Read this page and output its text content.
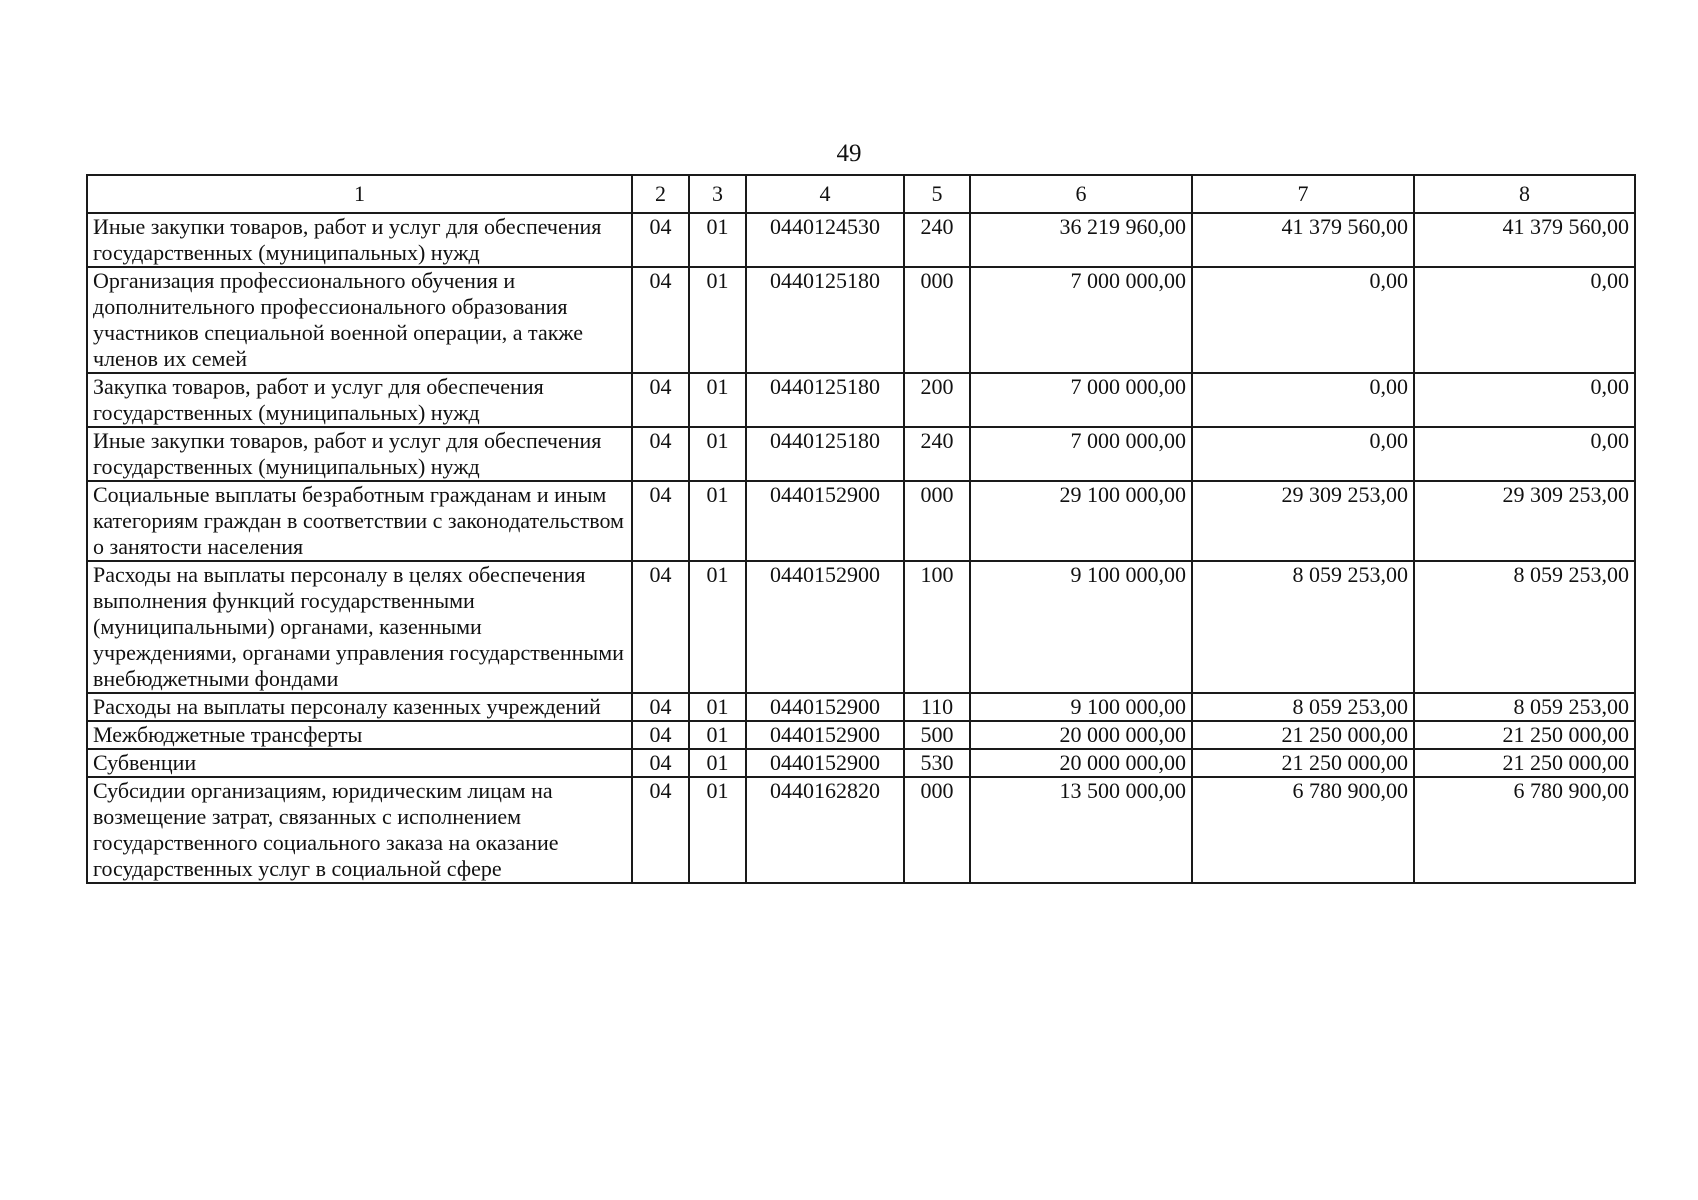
49
1	2	3	4	5	6	7	8
Иные закупки товаров, работ и услуг для обеспечения государственных (муниципальных) нужд	04	01	0440124530	240	36 219 960,00	41 379 560,00	41 379 560,00
Организация профессионального обучения и дополнительного профессионального образования участников специальной военной операции, а также членов их семей	04	01	0440125180	000	7 000 000,00	0,00	0,00
Закупка товаров, работ и услуг для обеспечения государственных (муниципальных) нужд	04	01	0440125180	200	7 000 000,00	0,00	0,00
Иные закупки товаров, работ и услуг для обеспечения государственных (муниципальных) нужд	04	01	0440125180	240	7 000 000,00	0,00	0,00
Социальные выплаты безработным гражданам и иным категориям граждан в соответствии с законодательством о занятости населения	04	01	0440152900	000	29 100 000,00	29 309 253,00	29 309 253,00
Расходы на выплаты персоналу в целях обеспечения выполнения функций государственными (муниципальными) органами, казенными учреждениями, органами управления государственными внебюджетными фондами	04	01	0440152900	100	9 100 000,00	8 059 253,00	8 059 253,00
Расходы на выплаты персоналу казенных учреждений	04	01	0440152900	110	9 100 000,00	8 059 253,00	8 059 253,00
Межбюджетные трансферты	04	01	0440152900	500	20 000 000,00	21 250 000,00	21 250 000,00
Субвенции	04	01	0440152900	530	20 000 000,00	21 250 000,00	21 250 000,00
Субсидии организациям, юридическим лицам на возмещение затрат, связанных с исполнением государственного социального заказа на оказание государственных услуг в социальной сфере	04	01	0440162820	000	13 500 000,00	6 780 900,00	6 780 900,00
